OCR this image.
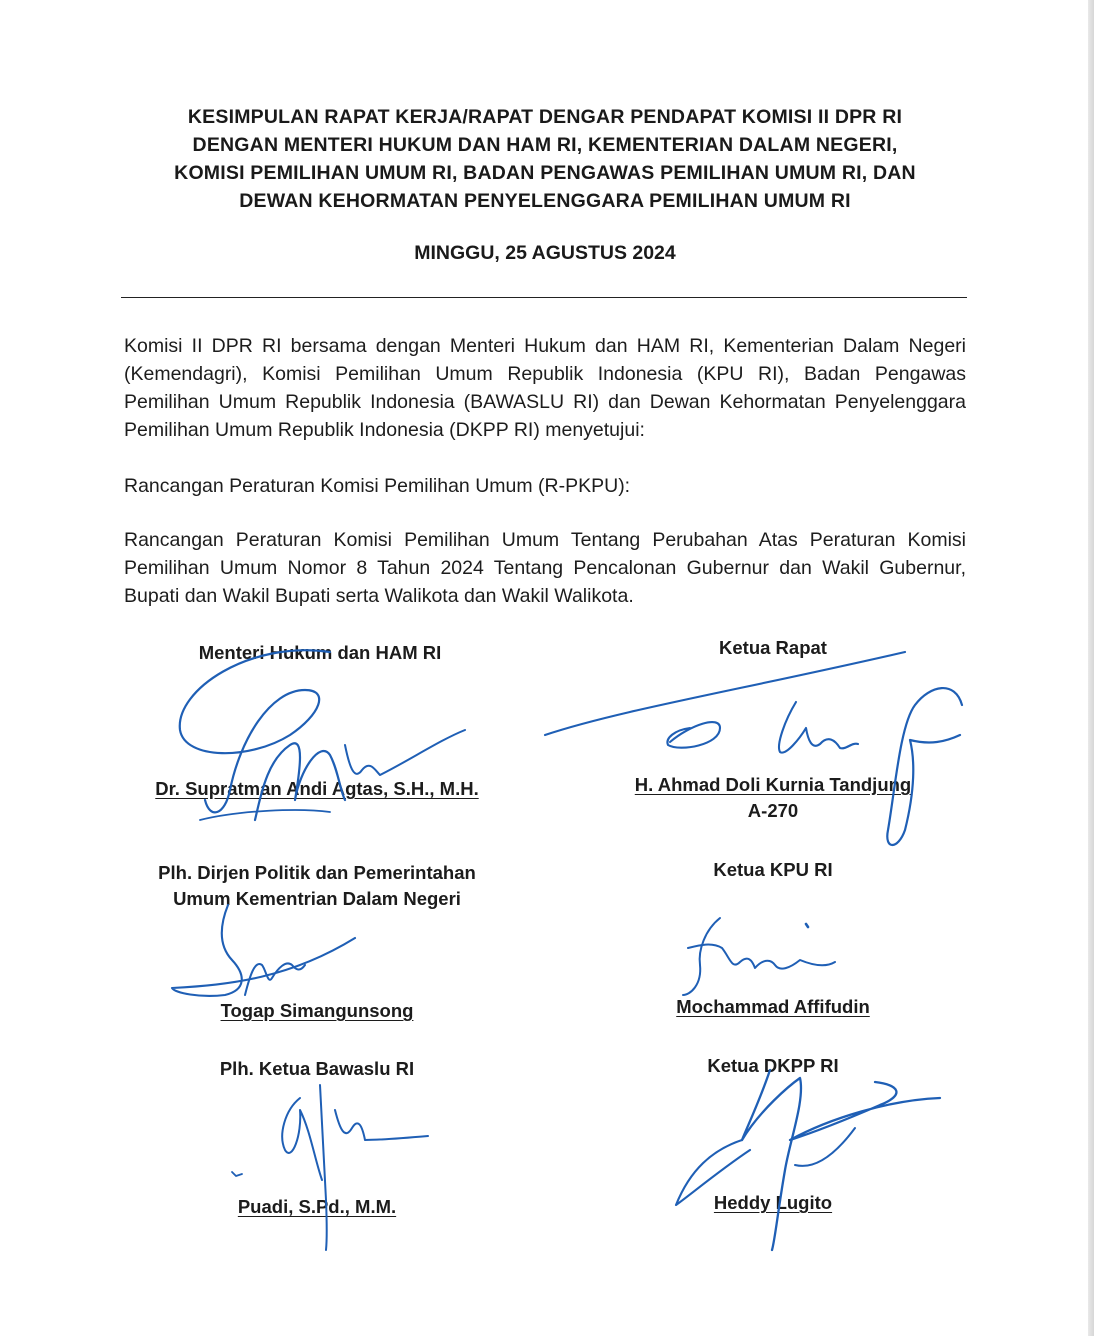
KESIMPULAN RAPAT KERJA/RAPAT DENGAR PENDAPAT KOMISI II DPR RI
DENGAN MENTERI HUKUM DAN HAM RI, KEMENTERIAN DALAM NEGERI,
KOMISI PEMILIHAN UMUM RI, BADAN PENGAWAS PEMILIHAN UMUM RI, DAN
DEWAN KEHORMATAN PENYELENGGARA PEMILIHAN UMUM RI
MINGGU, 25 AGUSTUS 2024

Komisi II DPR RI bersama dengan Menteri Hukum dan HAM RI, Kementerian Dalam Negeri (Kemendagri), Komisi Pemilihan Umum Republik Indonesia (KPU RI), Badan Pengawas Pemilihan Umum Republik Indonesia (BAWASLU RI) dan Dewan Kehormatan Penyelenggara Pemilihan Umum Republik Indonesia (DKPP RI) menyetujui:

Rancangan Peraturan Komisi Pemilihan Umum (R-PKPU):

Rancangan Peraturan Komisi Pemilihan Umum Tentang Perubahan Atas Peraturan Komisi Pemilihan Umum Nomor 8 Tahun 2024 Tentang Pencalonan Gubernur dan Wakil Gubernur, Bupati dan Wakil Bupati serta Walikota dan Wakil Walikota.

Menteri Hukum dan HAM RI
Dr. Supratman Andi Agtas, S.H., M.H.
Ketua Rapat
H. Ahmad Doli Kurnia Tandjung
A-270
Plh. Dirjen Politik dan Pemerintahan
Umum Kementrian Dalam Negeri
Togap Simangunsong
Ketua KPU RI
Mochammad Affifudin
Plh. Ketua Bawaslu RI
Puadi, S.Pd., M.M.
Ketua DKPP RI
Heddy Lugito
